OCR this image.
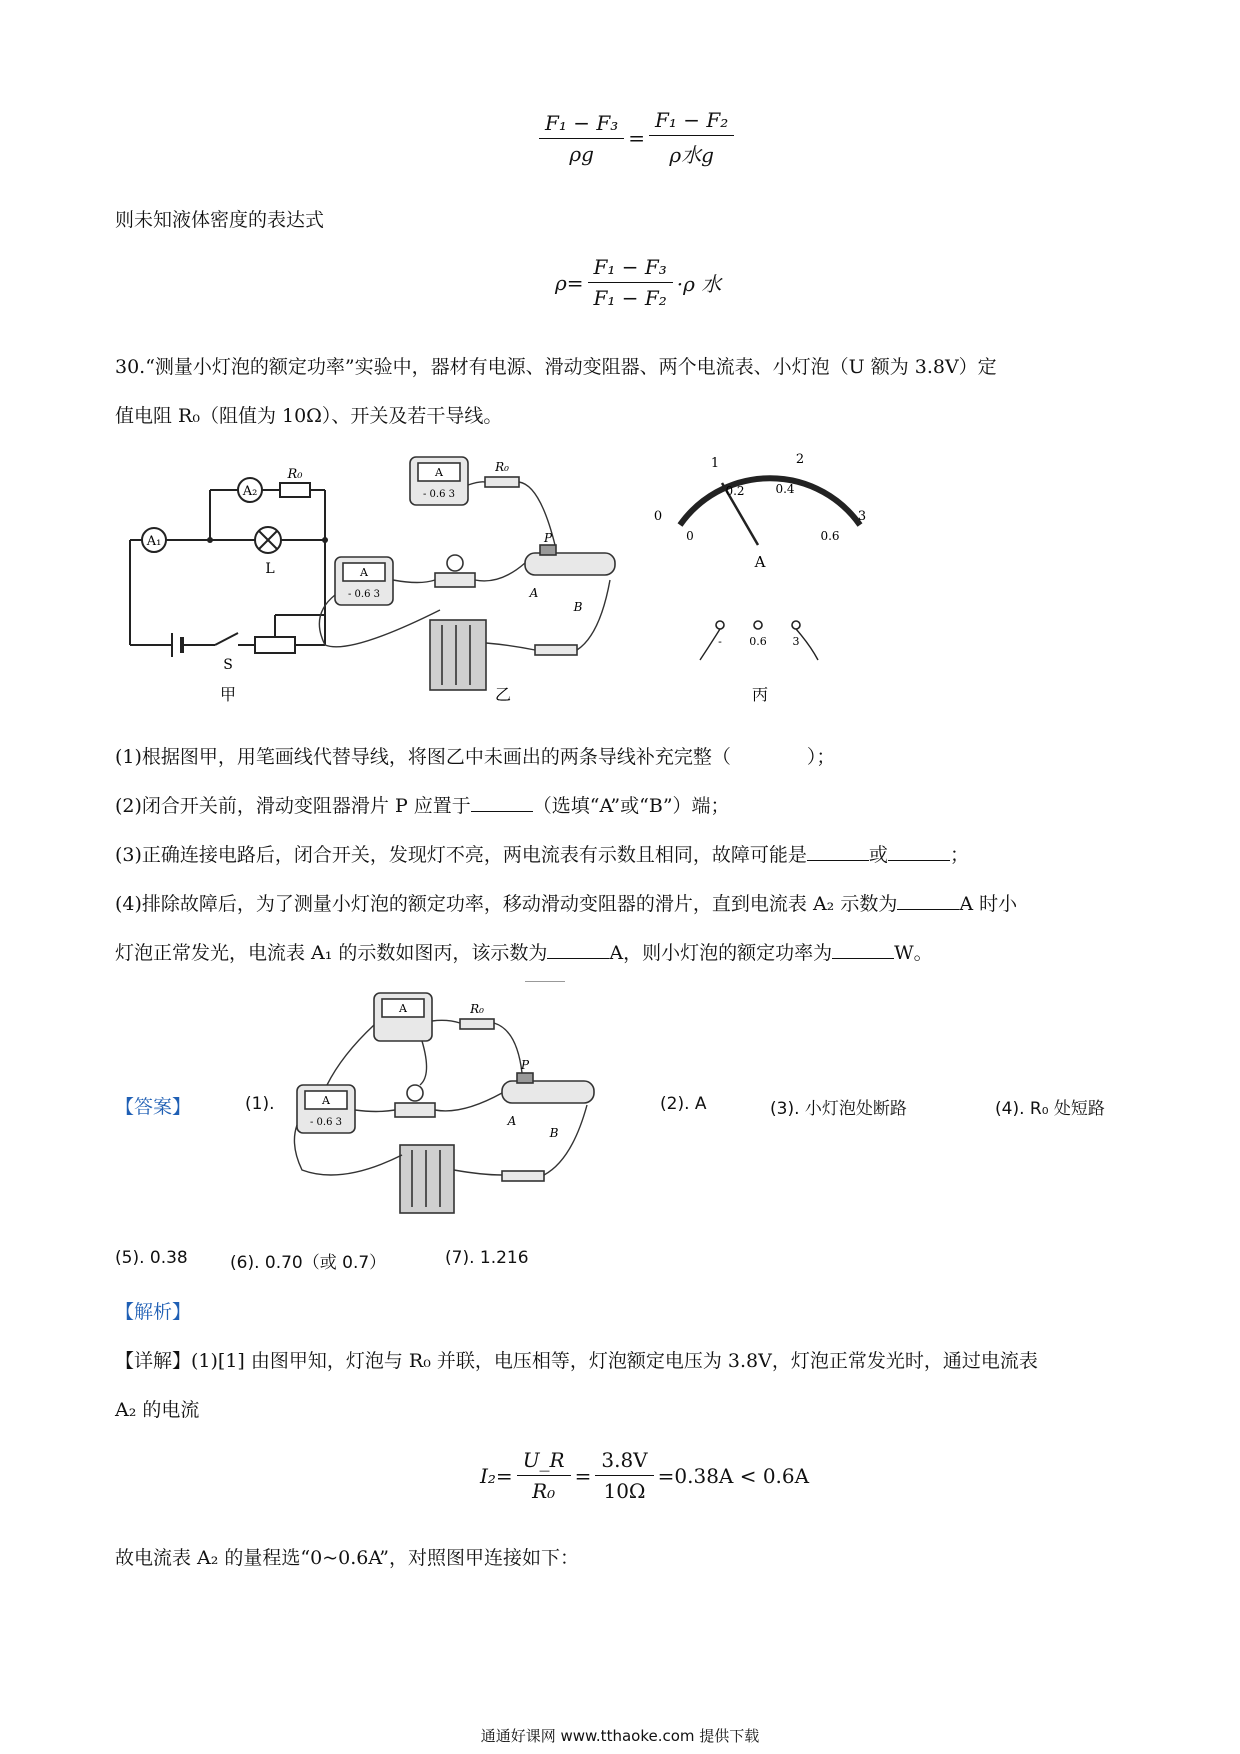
$\frac{\text{F₁ − F₃}}{\rho g} = \frac{\text{F₁ − F₂}}{\text{ρ水g}}$
则未知液体密度的表达式
$\rho= \frac{\text{F₁ − F₃}}{\text{F₁ − F₂}} \cdot\rho$ 水
30.“测量小灯泡的额定功率”实验中，器材有电源、滑动变阻器、两个电流表、小灯泡（U 额为 3.8V）定
值电阻 R₀（阻值为 10Ω）、开关及若干导线。
A₁
A₂
R₀
L
S
甲
A
- 0.6 3
A
- 0.6 3
R₀
P
A
B
乙
0
1	2
3
0
0.2	0.4
0.6
A
- 0.6 3
丙
(1)根据图甲，用笔画线代替导线，将图乙中未画出的两条导线补充完整（　　　　）；
(2)闭合开关前，滑动变阻器滑片 P 应置于	（选填“A”或“B”）端；
(3)正确连接电路后，闭合开关，发现灯不亮，两电流表有示数且相同，故障可能是	或	；
(4)排除故障后，为了测量小灯泡的额定功率，移动滑动变阻器的滑片，直到电流表 A₂ 示数为	A 时小
灯泡正常发光，电流表 A₁ 的示数如图丙，该示数为	A，则小灯泡的额定功率为	W。
【答案】	(1).
A
A
- 0.6 3
R₀
P
A
B
(2). A	(3). 小灯泡处断路	(4). R₀ 处短路
(5). 0.38 (6). 0.70（或 0.7）	(7). 1.216
【解析】
【详解】(1)[1] 由图甲知，灯泡与 R₀ 并联，电压相等，灯泡额定电压为 3.8V，灯泡正常发光时，通过电流表
A₂ 的电流
$I_2= \frac{U\_R}{\text{R₀}} = \frac{3.8V}{10\Omega} =0.38A < 0.6A$
故电流表 A₂ 的量程选“0~0.6A”，对照图甲连接如下：
通通好课网 www.tthaoke.com 提供下载
